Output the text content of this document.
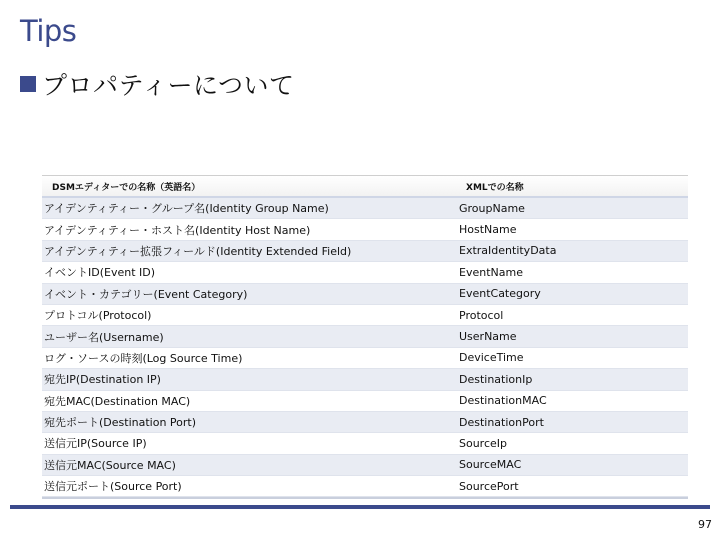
Tips
プロパティーについて
DSMエディターでの名称（英語名）	XMLでの名称
アイデンティティー・グループ名(Identity Group Name)	GroupName
アイデンティティー・ホスト名(Identity Host Name)	HostName
アイデンティティー拡張フィールド(Identity Extended Field)	ExtraIdentityData
イベントID(Event ID)	EventName
イベント・カテゴリー(Event Category)	EventCategory
プロトコル(Protocol)	Protocol
ユーザー名(Username)	UserName
ログ・ソースの時刻(Log Source Time)	DeviceTime
宛先IP(Destination IP)	DestinationIp
宛先MAC(Destination MAC)	DestinationMAC
宛先ポート(Destination Port)	DestinationPort
送信元IP(Source IP)	SourceIp
送信元MAC(Source MAC)	SourceMAC
送信元ポート(Source Port)	SourcePort
97
